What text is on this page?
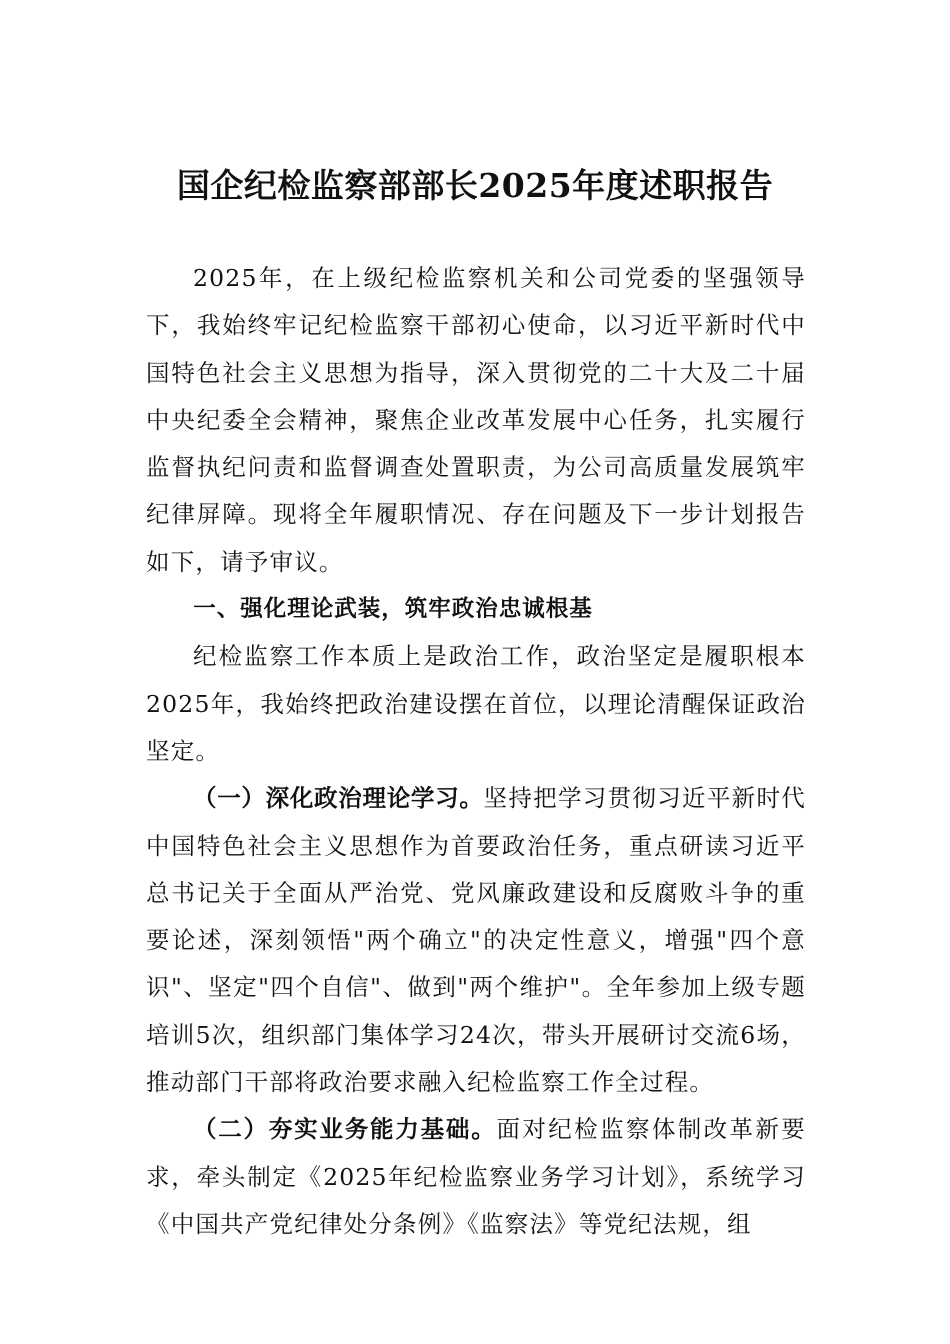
国企纪检监察部部长2025年度述职报告

2025年，在上级纪检监察机关和公司党委的坚强领导下，我始终牢记纪检监察干部初心使命，以习近平新时代中国特色社会主义思想为指导，深入贯彻党的二十大及二十届中央纪委全会精神，聚焦企业改革发展中心任务，扎实履行监督执纪问责和监督调查处置职责，为公司高质量发展筑牢纪律屏障。现将全年履职情况、存在问题及下一步计划报告如下，请予审议。

一、强化理论武装，筑牢政治忠诚根基

纪检监察工作本质上是政治工作，政治坚定是履职根本2025年，我始终把政治建设摆在首位，以理论清醒保证政治坚定。

（一）深化政治理论学习。坚持把学习贯彻习近平新时代中国特色社会主义思想作为首要政治任务，重点研读习近平总书记关于全面从严治党、党风廉政建设和反腐败斗争的重要论述，深刻领悟"两个确立"的决定性意义，增强"四个意识"、坚定"四个自信"、做到"两个维护"。全年参加上级专题培训5次，组织部门集体学习24次，带头开展研讨交流6场，推动部门干部将政治要求融入纪检监察工作全过程。

（二）夯实业务能力基础。面对纪检监察体制改革新要求，牵头制定《2025年纪检监察业务学习计划》，系统学习《中国共产党纪律处分条例》《监察法》等党纪法规，组
